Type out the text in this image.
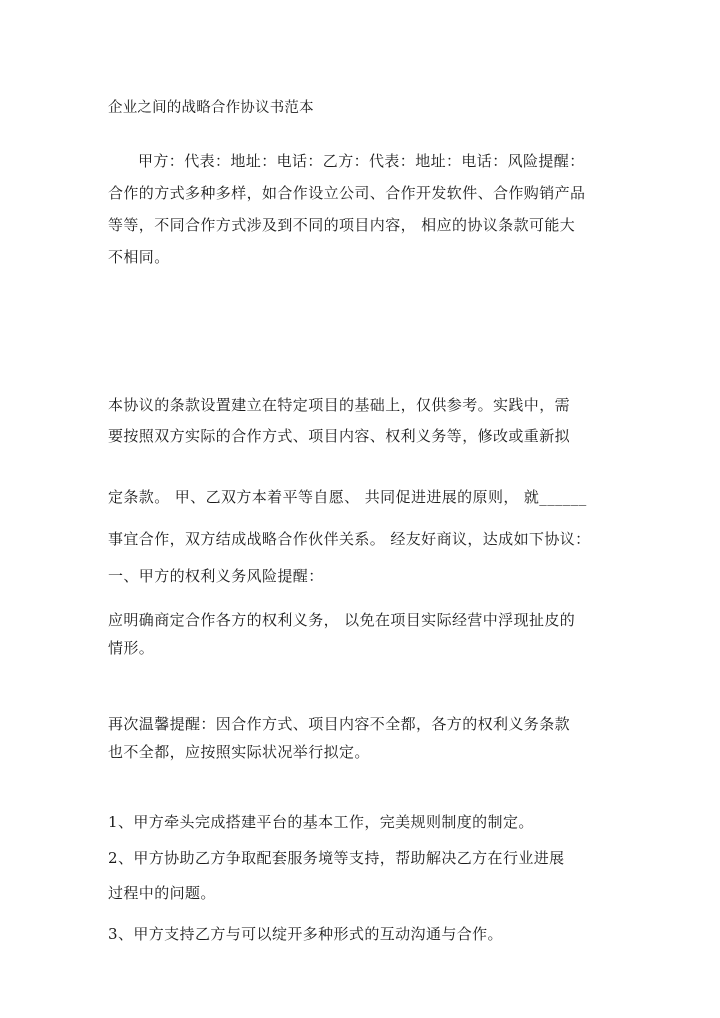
企业之间的战略合作协议书范本
甲方：代表：地址：电话：乙方：代表：地址：电话：风险提醒：
合作的方式多种多样，如合作设立公司、合作开发软件、合作购销产品
等等，不同合作方式涉及到不同的项目内容， 相应的协议条款可能大
不相同。
本协议的条款设置建立在特定项目的基础上，仅供参考。实践中，需
要按照双方实际的合作方式、项目内容、权利义务等，修改或重新拟
定条款。 甲、乙双方本着平等自愿、 共同促进进展的原则， 就______
事宜合作，双方结成战略合作伙伴关系。 经友好商议，达成如下协议：
一、甲方的权利义务风险提醒：
应明确商定合作各方的权利义务， 以免在项目实际经营中浮现扯皮的
情形。
再次温馨提醒：因合作方式、项目内容不全都，各方的权利义务条款
也不全都，应按照实际状况举行拟定。
1、甲方牵头完成搭建平台的基本工作，完美规则制度的制定。
2、甲方协助乙方争取配套服务境等支持，帮助解决乙方在行业进展
过程中的问题。
3、甲方支持乙方与可以绽开多种形式的互动沟通与合作。
